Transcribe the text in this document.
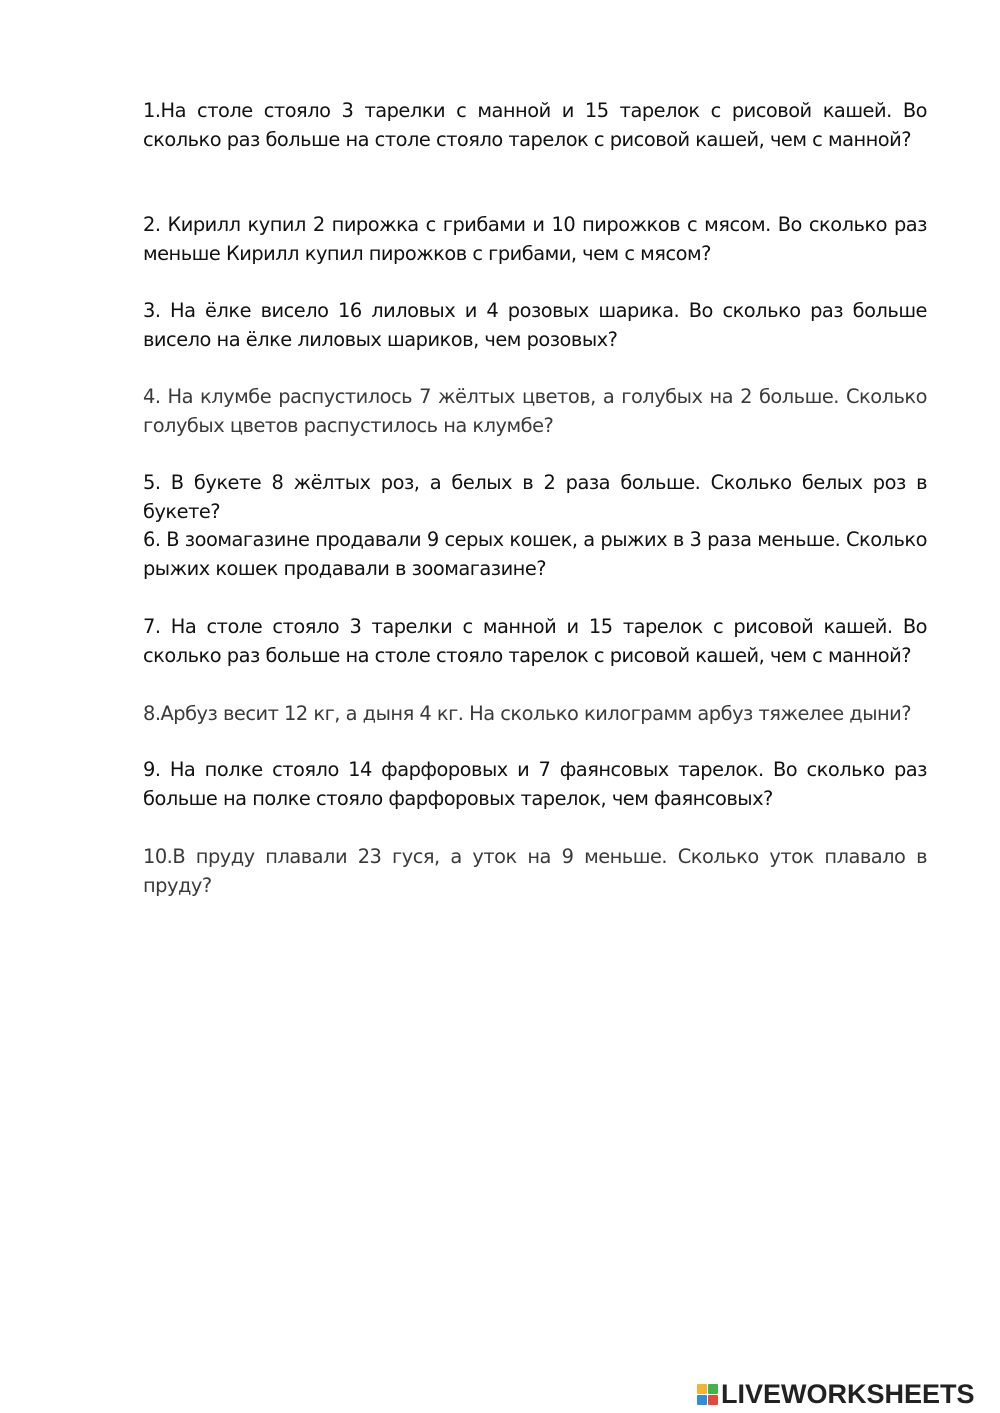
1.На столе стояло 3 тарелки с манной и 15 тарелок с рисовой кашей. Во сколько раз больше на столе стояло тарелок с рисовой кашей, чем с манной?

2. Кирилл купил 2 пирожка с грибами и 10 пирожков с мясом. Во сколько раз меньше Кирилл купил пирожков с грибами, чем с мясом?

3. На ёлке висело 16 лиловых и 4 розовых шарика. Во сколько раз больше висело на ёлке лиловых шариков, чем розовых?

4. На клумбе распустилось 7 жёлтых цветов, а голубых на 2 больше. Сколько голубых цветов распустилось на клумбе?

5. В букете 8 жёлтых роз, а белых в 2 раза больше. Сколько белых роз в букете?

6. В зоомагазине продавали 9 серых кошек, а рыжих в 3 раза меньше. Сколько рыжих кошек продавали в зоомагазине?

7. На столе стояло 3 тарелки с манной и 15 тарелок с рисовой кашей. Во сколько раз больше на столе стояло тарелок с рисовой кашей, чем с манной?

8.Арбуз весит 12 кг, а дыня 4 кг. На сколько килограмм арбуз тяжелее дыни?

9. На полке стояло 14 фарфоровых и 7 фаянсовых тарелок. Во сколько раз больше на полке стояло фарфоровых тарелок, чем фаянсовых?

10.В пруду плавали 23 гуся, а уток на 9 меньше. Сколько уток плавало в пруду?

LIVEWORKSHEETS
